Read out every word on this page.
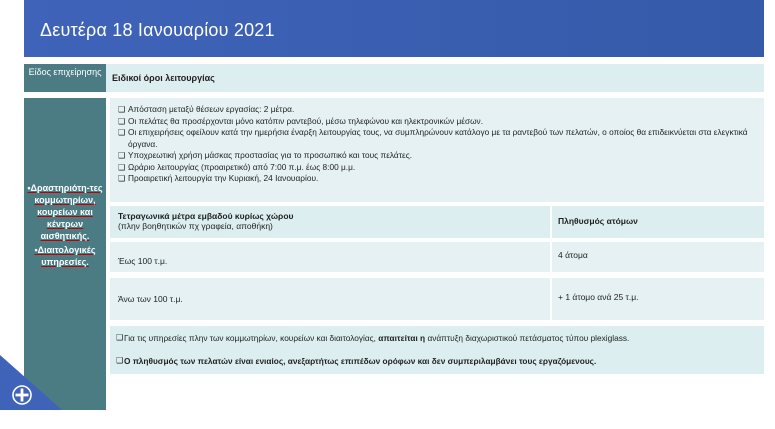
Δευτέρα 18 Ιανουαρίου 2021
Είδος επιχείρησης
Ειδικοί όροι λειτουργίας
•Δραστηριότη-τες κομμωτηρίων, κουρείων και κέντρων αισθητικής.
•Διαιτολογικές υπηρεσίες.
❑ Απόσταση μεταξύ θέσεων εργασίας: 2 μέτρα.
❑ Οι πελάτες θα προσέρχονται μόνο κατόπιν ραντεβού, μέσω τηλεφώνου και ηλεκτρονικών μέσων.
❑ Οι επιχειρήσεις οφείλουν κατά την ημερήσια έναρξη λειτουργίας τους, να συμπληρώνουν κατάλογο με τα ραντεβού των πελατών, ο οποίος θα επιδεικνύεται στα ελεγκτικά όργανα.
❑ Υποχρεωτική χρήση μάσκας προστασίας για το προσωπικό και τους πελάτες.
❑ Ωράριο λειτουργίας (προαιρετικό) από 7:00 π.μ. έως 8:00 μ.μ.
❑ Προαιρετική λειτουργία την Κυριακή, 24 Ιανουαρίου.
Τετραγωνικά μέτρα εμβαδού κυρίως χώρου
(πλην βοηθητικών πχ γραφεία, αποθήκη)	Πληθυσμός ατόμων
Έως 100 τ.μ.
4 άτομα
Άνω των 100 τ.μ.	+ 1 άτομο ανά 25 τ.μ.

❑ Για τις υπηρεσίες πλην των κομμωτηρίων, κουρείων και διαιτολογίας, απαιτείται η ανάπτυξη διαχωριστικού πετάσματος τύπου plexiglass.

❑ Ο πληθυσμός των πελατών είναι ενιαίος, ανεξαρτήτως επιπέδων ορόφων και δεν συμπεριλαμβάνει τους εργαζόμενους.
